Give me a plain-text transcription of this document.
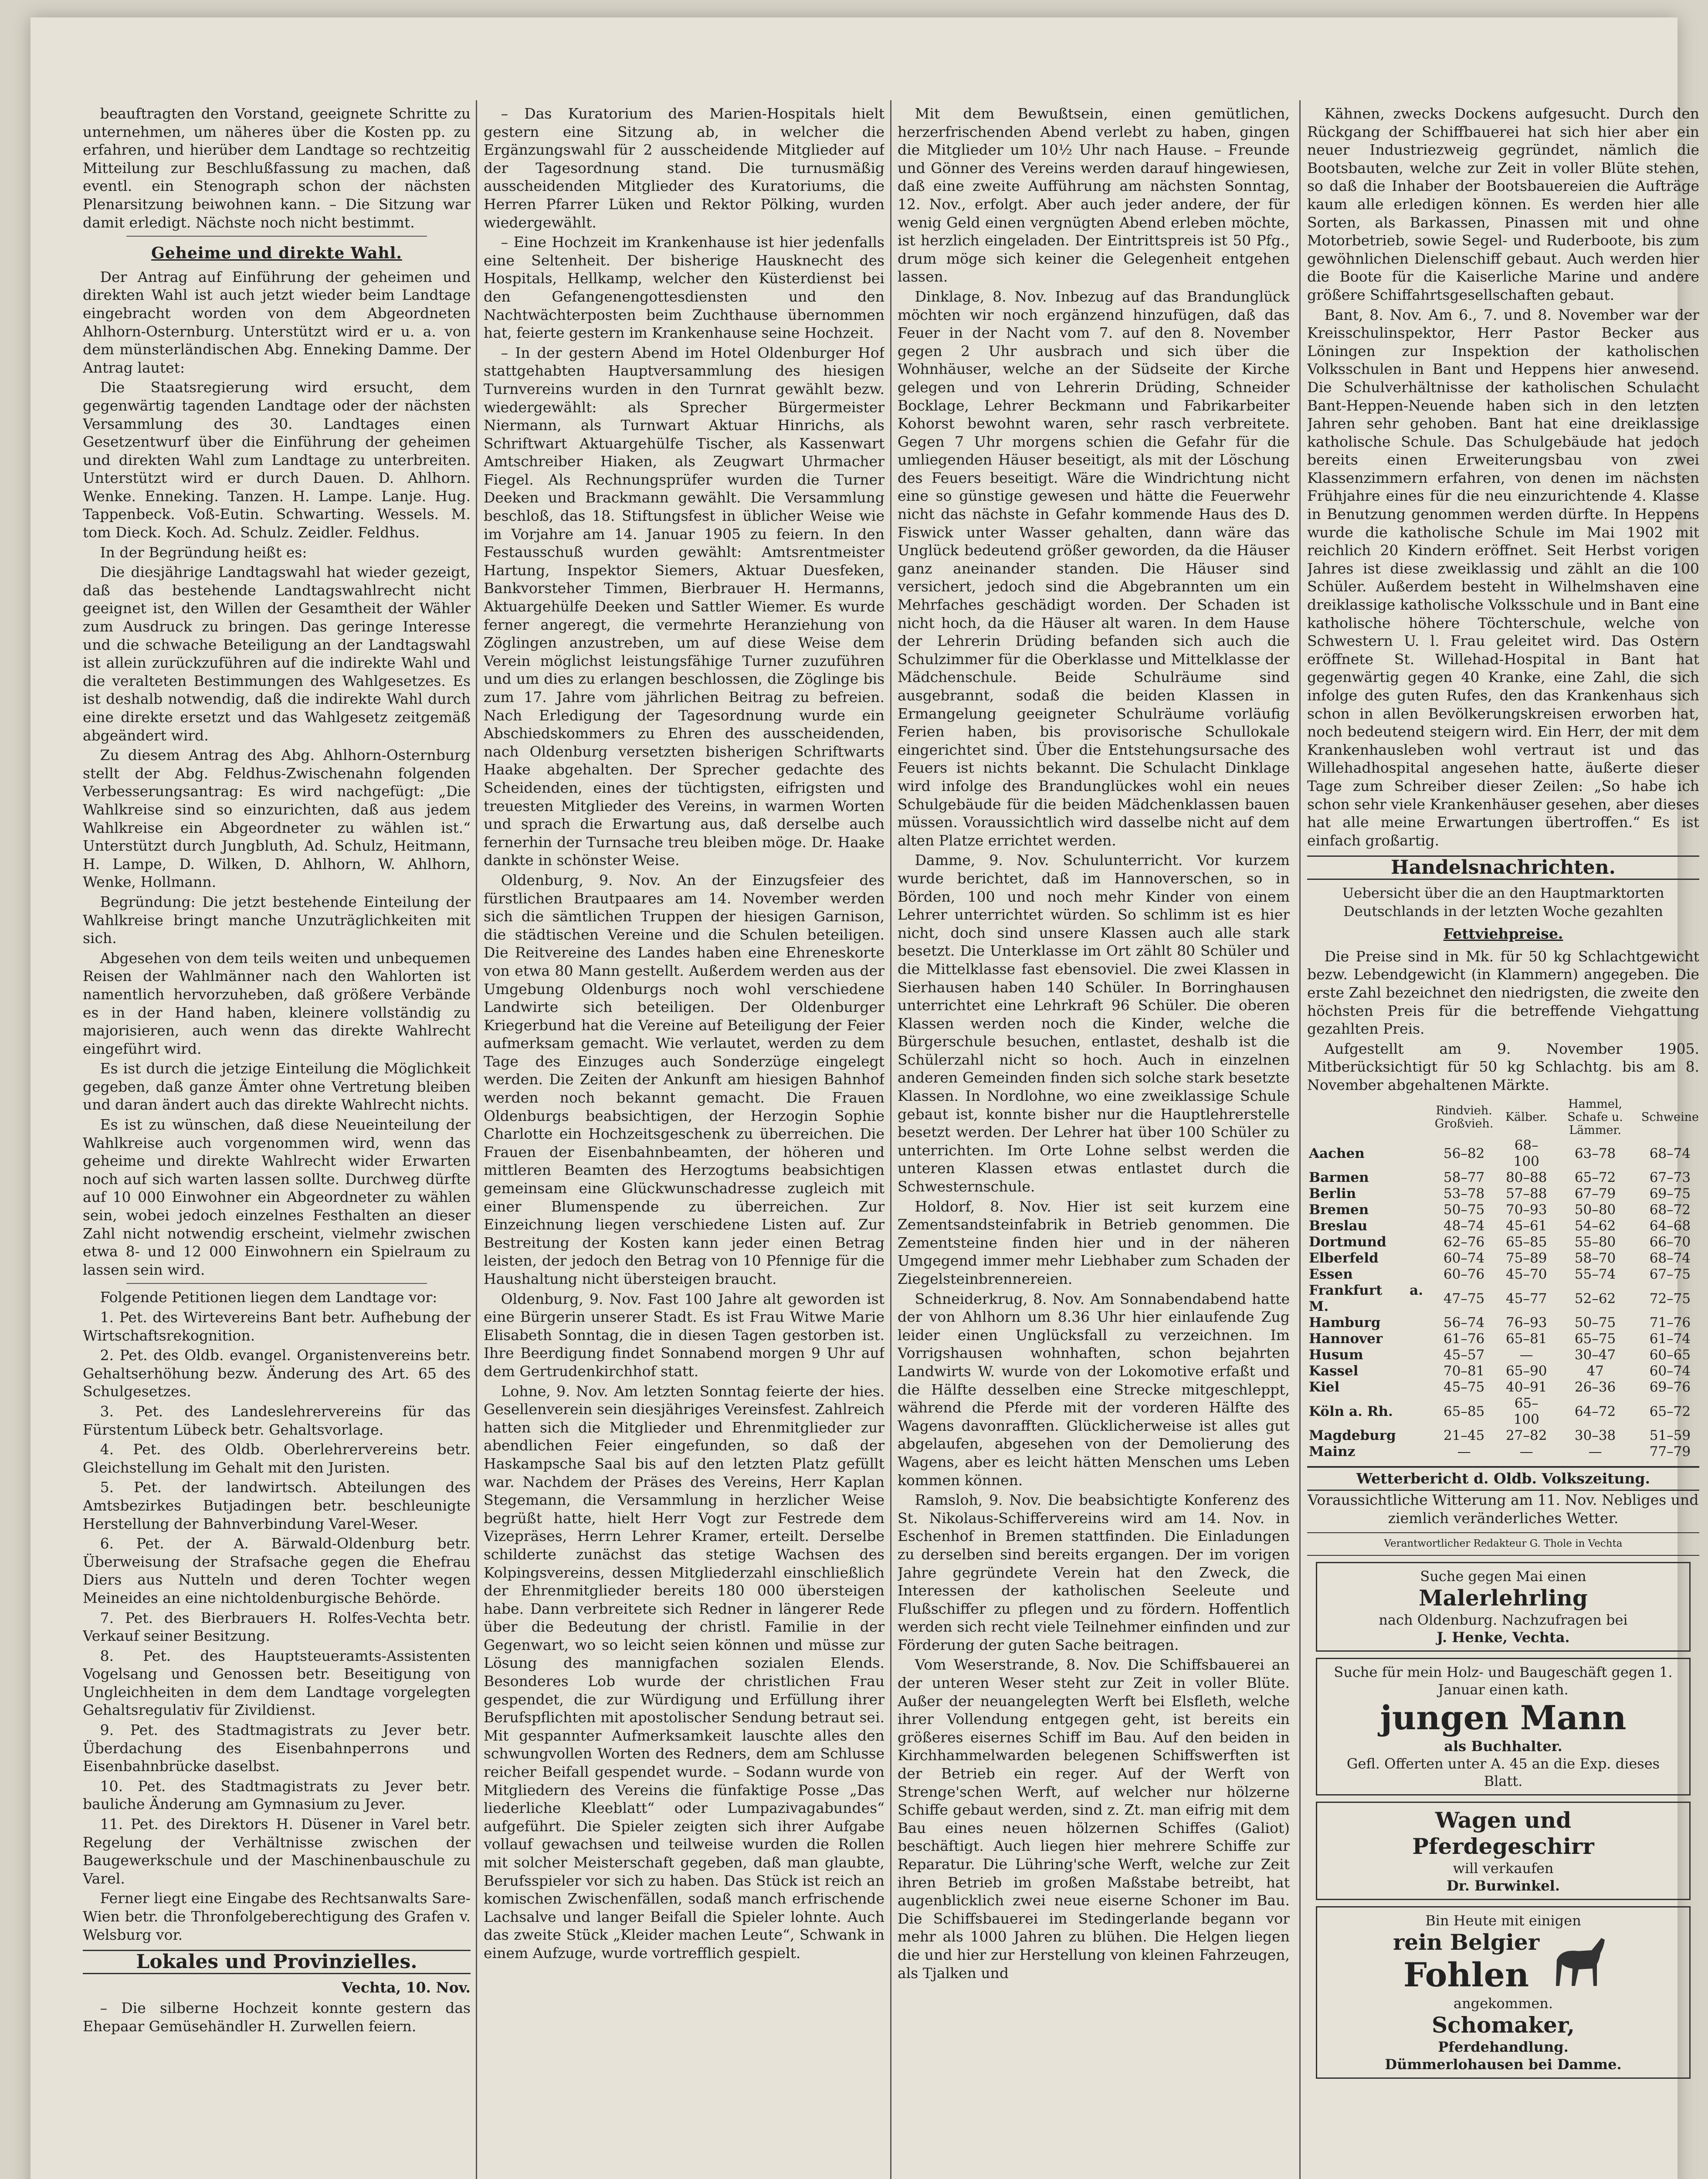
beauftragten den Vorstand, geeignete Schritte zu unternehmen, um näheres über die Kosten pp. zu erfahren, und hierüber dem Landtage so rechtzeitig Mitteilung zur Beschlußfassung zu machen, daß eventl. ein Stenograph schon der nächsten Plenarsitzung beiwohnen kann. – Die Sitzung war damit erledigt. Nächste noch nicht bestimmt.

Geheime und direkte Wahl.

Der Antrag auf Einführung der geheimen und direkten Wahl ist auch jetzt wieder beim Landtage eingebracht worden von dem Abgeordneten Ahlhorn-Osternburg. Unterstützt wird er u. a. von dem münsterländischen Abg. Enneking Damme. Der Antrag lautet:

Die Staatsregierung wird ersucht, dem gegenwärtig tagenden Landtage oder der nächsten Versammlung des 30. Landtages einen Gesetzentwurf über die Einführung der geheimen und direkten Wahl zum Landtage zu unterbreiten. Unterstützt wird er durch Dauen. D. Ahlhorn. Wenke. Enneking. Tanzen. H. Lampe. Lanje. Hug. Tappenbeck. Voß-Eutin. Schwarting. Wessels. M. tom Dieck. Koch. Ad. Schulz. Zeidler. Feldhus.

In der Begründung heißt es:

Die diesjährige Landtagswahl hat wieder gezeigt, daß das bestehende Landtagswahlrecht nicht geeignet ist, den Willen der Gesamtheit der Wähler zum Ausdruck zu bringen. Das geringe Interesse und die schwache Beteiligung an der Landtagswahl ist allein zurückzuführen auf die indirekte Wahl und die veralteten Bestimmungen des Wahlgesetzes. Es ist deshalb notwendig, daß die indirekte Wahl durch eine direkte ersetzt und das Wahlgesetz zeitgemäß abgeändert wird.

Zu diesem Antrag des Abg. Ahlhorn-Osternburg stellt der Abg. Feldhus-Zwischenahn folgenden Verbesserungsantrag: Es wird nachgefügt: „Die Wahlkreise sind so einzurichten, daß aus jedem Wahlkreise ein Abgeordneter zu wählen ist.“ Unterstützt durch Jungbluth, Ad. Schulz, Heitmann, H. Lampe, D. Wilken, D. Ahlhorn, W. Ahlhorn, Wenke, Hollmann.

Begründung: Die jetzt bestehende Einteilung der Wahlkreise bringt manche Unzuträglichkeiten mit sich.

Abgesehen von dem teils weiten und unbequemen Reisen der Wahlmänner nach den Wahlorten ist namentlich hervorzuheben, daß größere Verbände es in der Hand haben, kleinere vollständig zu majorisieren, auch wenn das direkte Wahlrecht eingeführt wird.

Es ist durch die jetzige Einteilung die Möglichkeit gegeben, daß ganze Ämter ohne Vertretung bleiben und daran ändert auch das direkte Wahlrecht nichts.

Es ist zu wünschen, daß diese Neueinteilung der Wahlkreise auch vorgenommen wird, wenn das geheime und direkte Wahlrecht wider Erwarten noch auf sich warten lassen sollte. Durchweg dürfte auf 10 000 Einwohner ein Abgeordneter zu wählen sein, wobei jedoch einzelnes Festhalten an dieser Zahl nicht notwendig erscheint, vielmehr zwischen etwa 8- und 12 000 Einwohnern ein Spielraum zu lassen sein wird.

Folgende Petitionen liegen dem Landtage vor:

1. Pet. des Wirtevereins Bant betr. Aufhebung der Wirtschaftsrekognition.

2. Pet. des Oldb. evangel. Organistenvereins betr. Gehaltserhöhung bezw. Änderung des Art. 65 des Schulgesetzes.

3. Pet. des Landeslehrervereins für das Fürstentum Lübeck betr. Gehaltsvorlage.

4. Pet. des Oldb. Oberlehrervereins betr. Gleichstellung im Gehalt mit den Juristen.

5. Pet. der landwirtsch. Abteilungen des Amtsbezirkes Butjadingen betr. beschleunigte Herstellung der Bahnverbindung Varel-Weser.

6. Pet. der A. Bärwald-Oldenburg betr. Überweisung der Strafsache gegen die Ehefrau Diers aus Nutteln und deren Tochter wegen Meineides an eine nichtoldenburgische Behörde.

7. Pet. des Bierbrauers H. Rolfes-Vechta betr. Verkauf seiner Besitzung.

8. Pet. des Hauptsteueramts-Assistenten Vogelsang und Genossen betr. Beseitigung von Ungleichheiten in dem dem Landtage vorgelegten Gehaltsregulativ für Zivildienst.

9. Pet. des Stadtmagistrats zu Jever betr. Überdachung des Eisenbahnperrons und Eisenbahnbrücke daselbst.

10. Pet. des Stadtmagistrats zu Jever betr. bauliche Änderung am Gymnasium zu Jever.

11. Pet. des Direktors H. Düsener in Varel betr. Regelung der Verhältnisse zwischen der Baugewerkschule und der Maschinenbauschule zu Varel.

Ferner liegt eine Eingabe des Rechtsanwalts Sare-Wien betr. die Thronfolgeberechtigung des Grafen v. Welsburg vor.

Lokales und Provinzielles.
Vechta, 10. Nov.

– Die silberne Hochzeit konnte gestern das Ehepaar Gemüsehändler H. Zurwellen feiern.

– Das Kuratorium des Marien-Hospitals hielt gestern eine Sitzung ab, in welcher die Ergänzungswahl für 2 ausscheidende Mitglieder auf der Tagesordnung stand. Die turnusmäßig ausscheidenden Mitglieder des Kuratoriums, die Herren Pfarrer Lüken und Rektor Pölking, wurden wiedergewählt.

– Eine Hochzeit im Krankenhause ist hier jedenfalls eine Seltenheit. Der bisherige Hausknecht des Hospitals, Hellkamp, welcher den Küsterdienst bei den Gefangenengottesdiensten und den Nachtwächterposten beim Zuchthause übernommen hat, feierte gestern im Krankenhause seine Hochzeit.

– In der gestern Abend im Hotel Oldenburger Hof stattgehabten Hauptversammlung des hiesigen Turnvereins wurden in den Turnrat gewählt bezw. wiedergewählt: als Sprecher Bürgermeister Niermann, als Turnwart Aktuar Hinrichs, als Schriftwart Aktuargehülfe Tischer, als Kassenwart Amtschreiber Hiaken, als Zeugwart Uhrmacher Fiegel. Als Rechnungsprüfer wurden die Turner Deeken und Brackmann gewählt. Die Versammlung beschloß, das 18. Stiftungsfest in üblicher Weise wie im Vorjahre am 14. Januar 1905 zu feiern. In den Festausschuß wurden gewählt: Amtsrentmeister Hartung, Inspektor Siemers, Aktuar Duesfeken, Bankvorsteher Timmen, Bierbrauer H. Hermanns, Aktuargehülfe Deeken und Sattler Wiemer. Es wurde ferner angeregt, die vermehrte Heranziehung von Zöglingen anzustreben, um auf diese Weise dem Verein möglichst leistungsfähige Turner zuzuführen und um dies zu erlangen beschlossen, die Zöglinge bis zum 17. Jahre vom jährlichen Beitrag zu befreien. Nach Erledigung der Tagesordnung wurde ein Abschiedskommers zu Ehren des ausscheidenden, nach Oldenburg versetzten bisherigen Schriftwarts Haake abgehalten. Der Sprecher gedachte des Scheidenden, eines der tüchtigsten, eifrigsten und treuesten Mitglieder des Vereins, in warmen Worten und sprach die Erwartung aus, daß derselbe auch fernerhin der Turnsache treu bleiben möge. Dr. Haake dankte in schönster Weise.

Oldenburg, 9. Nov. An der Einzugsfeier des fürstlichen Brautpaares am 14. November werden sich die sämtlichen Truppen der hiesigen Garnison, die städtischen Vereine und die Schulen beteiligen. Die Reitvereine des Landes haben eine Ehreneskorte von etwa 80 Mann gestellt. Außerdem werden aus der Umgebung Oldenburgs noch wohl verschiedene Landwirte sich beteiligen. Der Oldenburger Kriegerbund hat die Vereine auf Beteiligung der Feier aufmerksam gemacht. Wie verlautet, werden zu dem Tage des Einzuges auch Sonderzüge eingelegt werden. Die Zeiten der Ankunft am hiesigen Bahnhof werden noch bekannt gemacht. Die Frauen Oldenburgs beabsichtigen, der Herzogin Sophie Charlotte ein Hochzeitsgeschenk zu überreichen. Die Frauen der Eisenbahnbeamten, der höheren und mittleren Beamten des Herzogtums beabsichtigen gemeinsam eine Glückwunschadresse zugleich mit einer Blumenspende zu überreichen. Zur Einzeichnung liegen verschiedene Listen auf. Zur Bestreitung der Kosten kann jeder einen Betrag leisten, der jedoch den Betrag von 10 Pfennige für die Haushaltung nicht übersteigen braucht.

Oldenburg, 9. Nov. Fast 100 Jahre alt geworden ist eine Bürgerin unserer Stadt. Es ist Frau Witwe Marie Elisabeth Sonntag, die in diesen Tagen gestorben ist. Ihre Beerdigung findet Sonnabend morgen 9 Uhr auf dem Gertrudenkirchhof statt.

Lohne, 9. Nov. Am letzten Sonntag feierte der hies. Gesellenverein sein diesjähriges Vereinsfest. Zahlreich hatten sich die Mitglieder und Ehrenmitglieder zur abendlichen Feier eingefunden, so daß der Haskampsche Saal bis auf den letzten Platz gefüllt war. Nachdem der Präses des Vereins, Herr Kaplan Stegemann, die Versammlung in herzlicher Weise begrüßt hatte, hielt Herr Vogt zur Festrede dem Vizepräses, Herrn Lehrer Kramer, erteilt. Derselbe schilderte zunächst das stetige Wachsen des Kolpingsvereins, dessen Mitgliederzahl einschließlich der Ehrenmitglieder bereits 180 000 übersteigen habe. Dann verbreitete sich Redner in längerer Rede über die Bedeutung der christl. Familie in der Gegenwart, wo so leicht seien können und müsse zur Lösung des mannigfachen sozialen Elends. Besonderes Lob wurde der christlichen Frau gespendet, die zur Würdigung und Erfüllung ihrer Berufspflichten mit apostolischer Sendung betraut sei. Mit gespannter Aufmerksamkeit lauschte alles den schwungvollen Worten des Redners, dem am Schlusse reicher Beifall gespendet wurde. – Sodann wurde von Mitgliedern des Vereins die fünfaktige Posse „Das liederliche Kleeblatt“ oder Lumpazivagabundes“ aufgeführt. Die Spieler zeigten sich ihrer Aufgabe vollauf gewachsen und teilweise wurden die Rollen mit solcher Meisterschaft gegeben, daß man glaubte, Berufsspieler vor sich zu haben. Das Stück ist reich an komischen Zwischenfällen, sodaß manch erfrischende Lachsalve und langer Beifall die Spieler lohnte. Auch das zweite Stück „Kleider machen Leute“, Schwank in einem Aufzuge, wurde vortrefflich gespielt.

Mit dem Bewußtsein, einen gemütlichen, herzerfrischenden Abend verlebt zu haben, gingen die Mitglieder um 10½ Uhr nach Hause. – Freunde und Gönner des Vereins werden darauf hingewiesen, daß eine zweite Aufführung am nächsten Sonntag, 12. Nov., erfolgt. Aber auch jeder andere, der für wenig Geld einen vergnügten Abend erleben möchte, ist herzlich eingeladen. Der Eintrittspreis ist 50 Pfg., drum möge sich keiner die Gelegenheit entgehen lassen.

Dinklage, 8. Nov. Inbezug auf das Brandunglück möchten wir noch ergänzend hinzufügen, daß das Feuer in der Nacht vom 7. auf den 8. November gegen 2 Uhr ausbrach und sich über die Wohnhäuser, welche an der Südseite der Kirche gelegen und von Lehrerin Drüding, Schneider Bocklage, Lehrer Beckmann und Fabrikarbeiter Kohorst bewohnt waren, sehr rasch verbreitete. Gegen 7 Uhr morgens schien die Gefahr für die umliegenden Häuser beseitigt, als mit der Löschung des Feuers beseitigt. Wäre die Windrichtung nicht eine so günstige gewesen und hätte die Feuerwehr nicht das nächste in Gefahr kommende Haus des D. Fiswick unter Wasser gehalten, dann wäre das Unglück bedeutend größer geworden, da die Häuser ganz aneinander standen. Die Häuser sind versichert, jedoch sind die Abgebrannten um ein Mehrfaches geschädigt worden. Der Schaden ist nicht hoch, da die Häuser alt waren. In dem Hause der Lehrerin Drüding befanden sich auch die Schulzimmer für die Oberklasse und Mittelklasse der Mädchenschule. Beide Schulräume sind ausgebrannt, sodaß die beiden Klassen in Ermangelung geeigneter Schulräume vorläufig Ferien haben, bis provisorische Schullokale eingerichtet sind. Über die Entstehungsursache des Feuers ist nichts bekannt. Die Schulacht Dinklage wird infolge des Brandunglückes wohl ein neues Schulgebäude für die beiden Mädchenklassen bauen müssen. Voraussichtlich wird dasselbe nicht auf dem alten Platze errichtet werden.

Damme, 9. Nov. Schulunterricht. Vor kurzem wurde berichtet, daß im Hannoverschen, so in Börden, 100 und noch mehr Kinder von einem Lehrer unterrichtet würden. So schlimm ist es hier nicht, doch sind unsere Klassen auch alle stark besetzt. Die Unterklasse im Ort zählt 80 Schüler und die Mittelklasse fast ebensoviel. Die zwei Klassen in Sierhausen haben 140 Schüler. In Borringhausen unterrichtet eine Lehrkraft 96 Schüler. Die oberen Klassen werden noch die Kinder, welche die Bürgerschule besuchen, entlastet, deshalb ist die Schülerzahl nicht so hoch. Auch in einzelnen anderen Gemeinden finden sich solche stark besetzte Klassen. In Nordlohne, wo eine zweiklassige Schule gebaut ist, konnte bisher nur die Hauptlehrerstelle besetzt werden. Der Lehrer hat über 100 Schüler zu unterrichten. Im Orte Lohne selbst werden die unteren Klassen etwas entlastet durch die Schwesternschule.

Holdorf, 8. Nov. Hier ist seit kurzem eine Zementsandsteinfabrik in Betrieb genommen. Die Zementsteine finden hier und in der näheren Umgegend immer mehr Liebhaber zum Schaden der Ziegelsteinbrennereien.

Schneiderkrug, 8. Nov. Am Sonnabendabend hatte der von Ahlhorn um 8.36 Uhr hier einlaufende Zug leider einen Unglücksfall zu verzeichnen. Im Vorrigshausen wohnhaften, schon bejahrten Landwirts W. wurde von der Lokomotive erfaßt und die Hälfte desselben eine Strecke mitgeschleppt, während die Pferde mit der vorderen Hälfte des Wagens davonrafften. Glücklicherweise ist alles gut abgelaufen, abgesehen von der Demolierung des Wagens, aber es leicht hätten Menschen ums Leben kommen können.

Ramsloh, 9. Nov. Die beabsichtigte Konferenz des St. Nikolaus-Schiffervereins wird am 14. Nov. in Eschenhof in Bremen stattfinden. Die Einladungen zu derselben sind bereits ergangen. Der im vorigen Jahre gegründete Verein hat den Zweck, die Interessen der katholischen Seeleute und Flußschiffer zu pflegen und zu fördern. Hoffentlich werden sich recht viele Teilnehmer einfinden und zur Förderung der guten Sache beitragen.

Vom Weserstrande, 8. Nov. Die Schiffsbauerei an der unteren Weser steht zur Zeit in voller Blüte. Außer der neuangelegten Werft bei Elsfleth, welche ihrer Vollendung entgegen geht, ist bereits ein größeres eisernes Schiff im Bau. Auf den beiden in Kirchhammelwarden belegenen Schiffswerften ist der Betrieb ein reger. Auf der Werft von Strenge'schen Werft, auf welcher nur hölzerne Schiffe gebaut werden, sind z. Zt. man eifrig mit dem Bau eines neuen hölzernen Schiffes (Galiot) beschäftigt. Auch liegen hier mehrere Schiffe zur Reparatur. Die Lühring'sche Werft, welche zur Zeit ihren Betrieb im großen Maßstabe betreibt, hat augenblicklich zwei neue eiserne Schoner im Bau. Die Schiffsbauerei im Stedingerlande begann vor mehr als 1000 Jahren zu blühen. Die Helgen liegen die und hier zur Herstellung von kleinen Fahrzeugen, als Tjalken und

Kähnen, zwecks Dockens aufgesucht. Durch den Rückgang der Schiffbauerei hat sich hier aber ein neuer Industriezweig gegründet, nämlich die Bootsbauten, welche zur Zeit in voller Blüte stehen, so daß die Inhaber der Bootsbauereien die Aufträge kaum alle erledigen können. Es werden hier alle Sorten, als Barkassen, Pinassen mit und ohne Motorbetrieb, sowie Segel- und Ruderboote, bis zum gewöhnlichen Dielenschiff gebaut. Auch werden hier die Boote für die Kaiserliche Marine und andere größere Schiffahrtsgesellschaften gebaut.

Bant, 8. Nov. Am 6., 7. und 8. November war der Kreisschulinspektor, Herr Pastor Becker aus Löningen zur Inspektion der katholischen Volksschulen in Bant und Heppens hier anwesend. Die Schulverhältnisse der katholischen Schulacht Bant-Heppen-Neuende haben sich in den letzten Jahren sehr gehoben. Bant hat eine dreiklassige katholische Schule. Das Schulgebäude hat jedoch bereits einen Erweiterungsbau von zwei Klassenzimmern erfahren, von denen im nächsten Frühjahre eines für die neu einzurichtende 4. Klasse in Benutzung genommen werden dürfte. In Heppens wurde die katholische Schule im Mai 1902 mit reichlich 20 Kindern eröffnet. Seit Herbst vorigen Jahres ist diese zweiklassig und zählt an die 100 Schüler. Außerdem besteht in Wilhelmshaven eine dreiklassige katholische Volksschule und in Bant eine katholische höhere Töchterschule, welche von Schwestern U. l. Frau geleitet wird. Das Ostern eröffnete St. Willehad-Hospital in Bant hat gegenwärtig gegen 40 Kranke, eine Zahl, die sich infolge des guten Rufes, den das Krankenhaus sich schon in allen Bevölkerungskreisen erworben hat, noch bedeutend steigern wird. Ein Herr, der mit dem Krankenhausleben wohl vertraut ist und das Willehadhospital angesehen hatte, äußerte dieser Tage zum Schreiber dieser Zeilen: „So habe ich schon sehr viele Krankenhäuser gesehen, aber dieses hat alle meine Erwartungen übertroffen.“ Es ist einfach großartig.

Handelsnachrichten.
Uebersicht über die an den Hauptmarktorten Deutschlands in der letzten Woche gezahlten
Fettviehpreise.

Die Preise sind in Mk. für 50 kg Schlachtgewicht bezw. Lebendgewicht (in Klammern) angegeben. Die erste Zahl bezeichnet den niedrigsten, die zweite den höchsten Preis für die betreffende Viehgattung gezahlten Preis.

Aufgestellt am 9. November 1905. Mitberücksichtigt für 50 kg Schlachtg. bis am 8. November abgehaltenen Märkte.

	Rindvieh. Großvieh.	Kälber.	Hammel, Schafe u. Lämmer.	Schweine
Aachen	56–82	68–100	63–78	68–74
Barmen	58–77	80–88	65–72	67–73
Berlin	53–78	57–88	67–79	69–75
Bremen	50–75	70–93	50–80	68–72
Breslau	48–74	45–61	54–62	64–68
Dortmund	62–76	65–85	55–80	66–70
Elberfeld	60–74	75–89	58–70	68–74
Essen	60–76	45–70	55–74	67–75
Frankfurt a. M.	47–75	45–77	52–62	72–75
Hamburg	56–74	76–93	50–75	71–76
Hannover	61–76	65–81	65–75	61–74
Husum	45–57	—	30–47	60–65
Kassel	70–81	65–90	47	60–74
Kiel	45–75	40–91	26–36	69–76
Köln a. Rh.	65–85	65–100	64–72	65–72
Magdeburg	21–45	27–82	30–38	51–59
Mainz	—	—	—	77–79
Wetterbericht d. Oldb. Volkszeitung.
Voraussichtliche Witterung am 11. Nov. Nebliges und ziemlich veränderliches Wetter.
Verantwortlicher Redakteur G. Thole in Vechta
Suche gegen Mai einen
Malerlehrling
nach Oldenburg. Nachzufragen bei
J. Henke, Vechta.
Suche für mein Holz- und Baugeschäft gegen 1. Januar einen kath.
jungen Mann
als Buchhalter.
Gefl. Offerten unter A. 45 an die Exp. dieses Blatt.
Wagen und
Pferdegeschirr
will verkaufen
Dr. Burwinkel.
Bin Heute mit einigen
rein Belgier
Fohlen
angekommen.
Schomaker,
Pferdehandlung.
Dümmerlohausen bei Damme.
